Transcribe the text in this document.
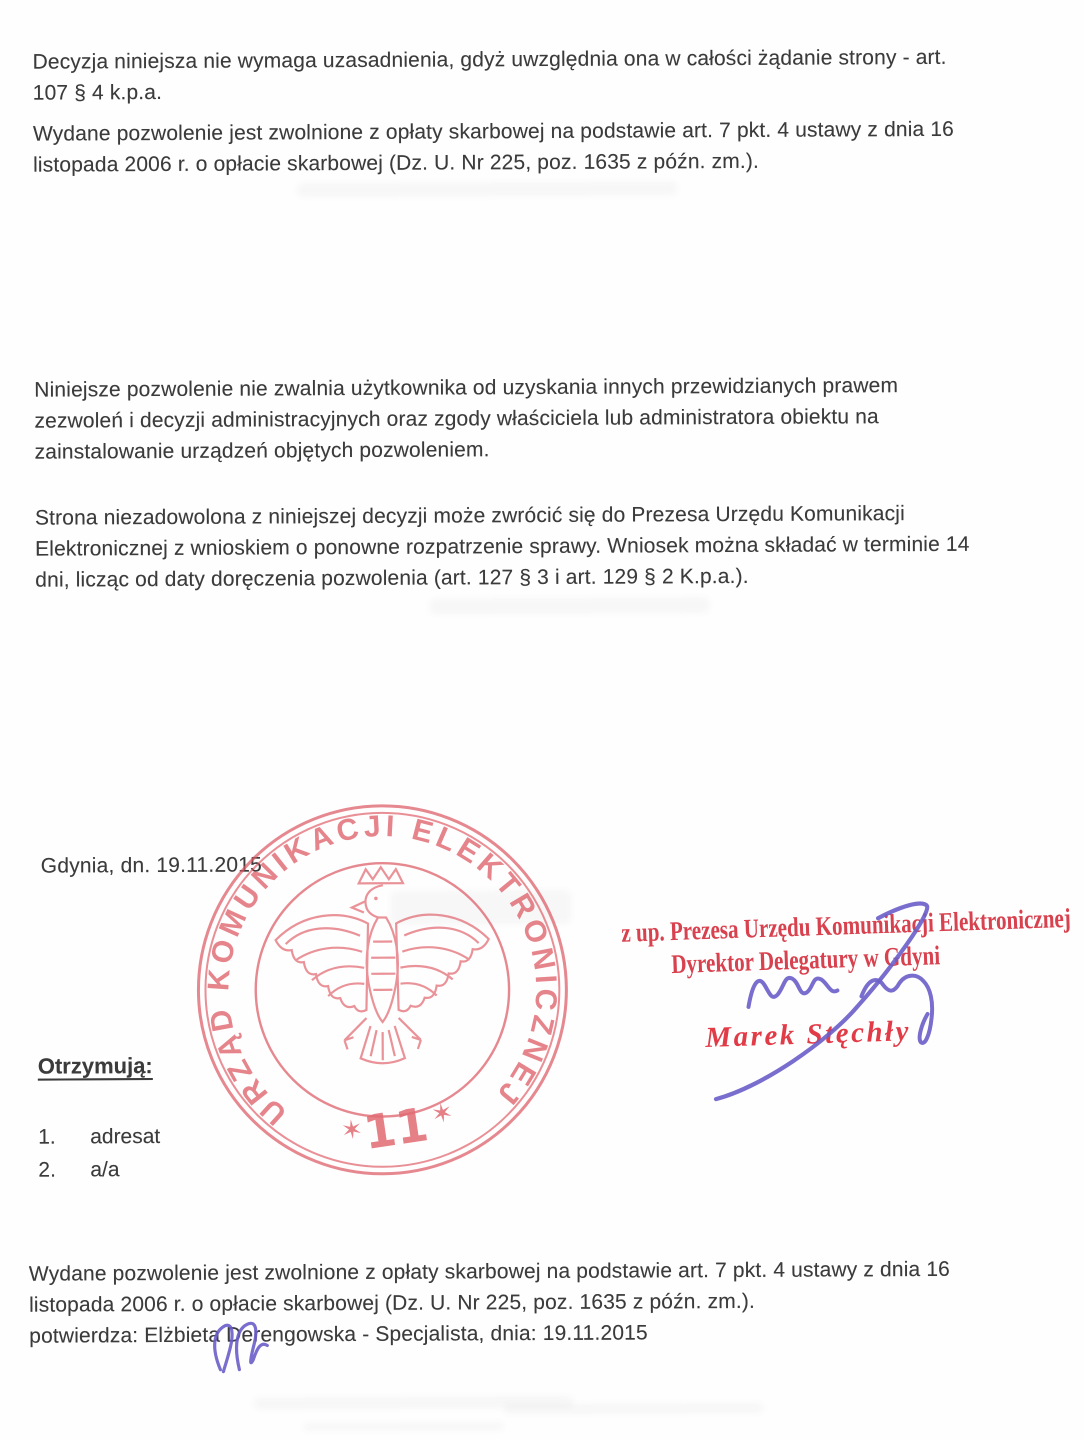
Decyzja niniejsza nie wymaga uzasadnienia, gdyż uwzględnia ona w całości żądanie strony - art.
107 § 4 k.p.a.
Wydane pozwolenie jest zwolnione z opłaty skarbowej na podstawie art. 7 pkt. 4 ustawy z dnia 16
listopada 2006 r. o opłacie skarbowej (Dz. U. Nr 225, poz. 1635 z późn. zm.).
Niniejsze pozwolenie nie zwalnia użytkownika od uzyskania innych przewidzianych prawem
zezwoleń i decyzji administracyjnych oraz zgody właściciela lub administratora obiektu na
zainstalowanie urządzeń objętych pozwoleniem.
Strona niezadowolona z niniejszej decyzji może zwrócić się do Prezesa Urzędu Komunikacji
Elektronicznej z wnioskiem o ponowne rozpatrzenie sprawy. Wniosek można składać w terminie 14
dni, licząc od daty doręczenia pozwolenia (art. 127 § 3 i art. 129 § 2 K.p.a.).
Gdynia, dn. 19.11.2015
URZĄD KOMUNIKACJI ELEKTRONICZNEJ
✶
11
✶
z up. Prezesa Urzędu Komunikacji Elektronicznej
Dyrektor Delegatury w Gdyni
Marek Stęchły
Otrzymują:
1. adresat
2. a/a
Wydane pozwolenie jest zwolnione z opłaty skarbowej na podstawie art. 7 pkt. 4 ustawy z dnia 16
listopada 2006 r. o opłacie skarbowej (Dz. U. Nr 225, poz. 1635 z późn. zm.).
potwierdza: Elżbieta Derengowska - Specjalista, dnia: 19.11.2015
